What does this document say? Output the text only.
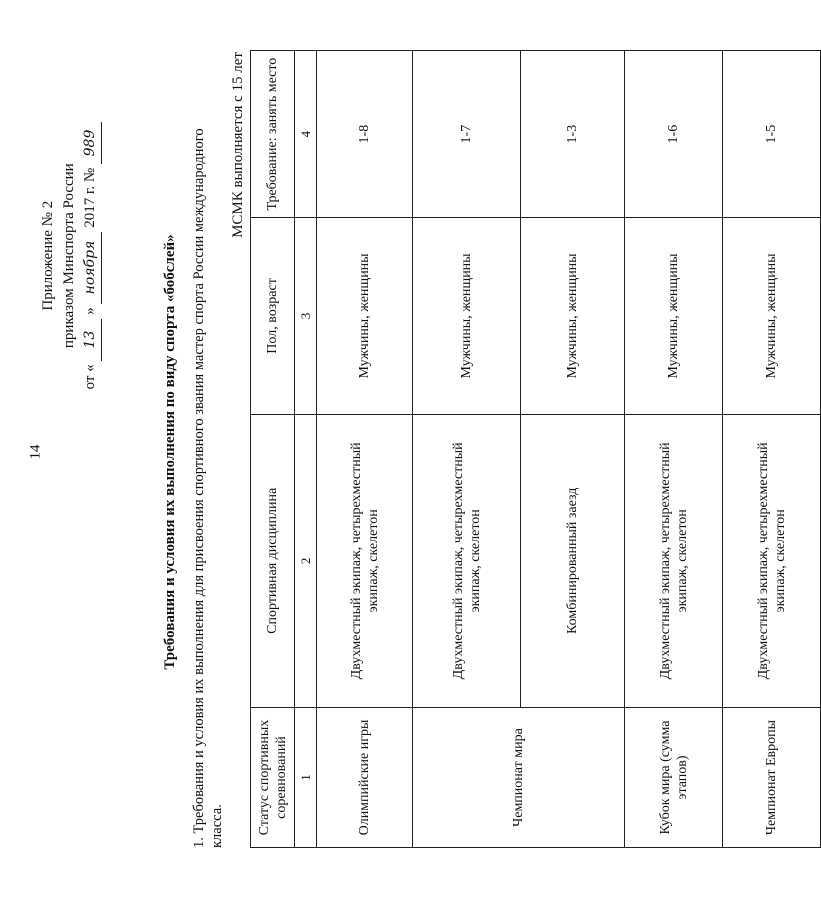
14
Приложение № 2 приказом Минспорта России
от « 13 » ноября 2017 г. № 989
Требования и условия их выполнения по виду спорта «бобслей» 1. Требования и условия их выполнения для присвоения спортивного звания мастер спорта России международного класса.
МСМК выполняется с 15 лет
Статус спортивных соревнований	Спортивная дисциплина	Пол, возраст	Требование: занять место
1	2	3	4
Олимпийские игры	Двухместный экипаж, четырехместный экипаж, скелетон	Мужчины, женщины	1-8
Чемпионат мира	Двухместный экипаж, четырехместный экипаж, скелетон	Мужчины, женщины	1-7
	Комбинированный заезд	Мужчины, женщины	1-3
Кубок мира (сумма этапов)	Двухместный экипаж, четырехместный экипаж, скелетон	Мужчины, женщины	1-6
Чемпионат Европы	Двухместный экипаж, четырехместный экипаж, скелетон	Мужчины, женщины	1-5
